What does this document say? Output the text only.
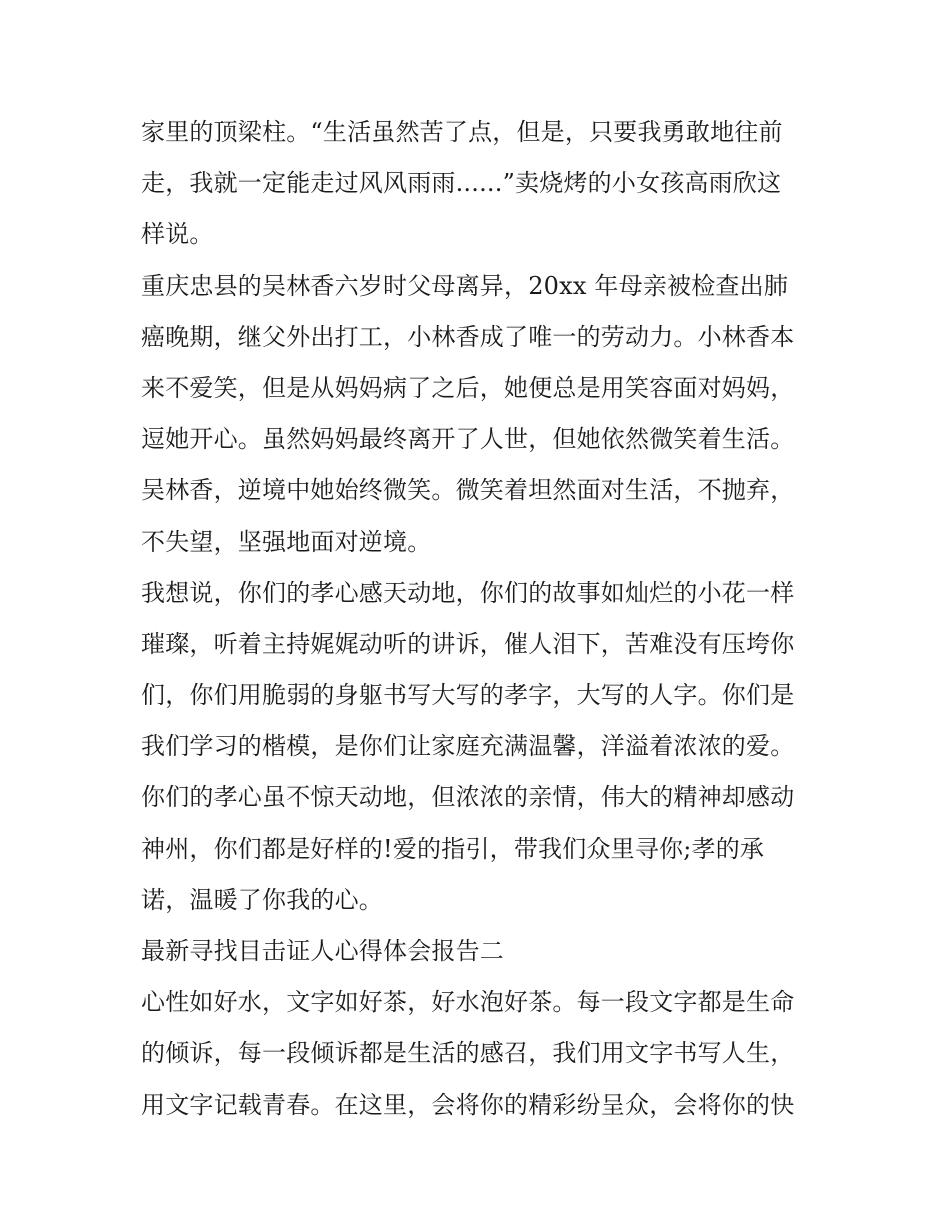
家里的顶梁柱。“生活虽然苦了点，但是，只要我勇敢地往前
走，我就一定能走过风风雨雨......”卖烧烤的小女孩高雨欣这
样说。
重庆忠县的吴林香六岁时父母离异，20xx 年母亲被检查出肺
癌晚期，继父外出打工，小林香成了唯一的劳动力。小林香本
来不爱笑，但是从妈妈病了之后，她便总是用笑容面对妈妈，
逗她开心。虽然妈妈最终离开了人世，但她依然微笑着生活。
吴林香，逆境中她始终微笑。微笑着坦然面对生活，不抛弃，
不失望，坚强地面对逆境。
我想说，你们的孝心感天动地，你们的故事如灿烂的小花一样
璀璨，听着主持娓娓动听的讲诉，催人泪下，苦难没有压垮你
们，你们用脆弱的身躯书写大写的孝字，大写的人字。你们是
我们学习的楷模，是你们让家庭充满温馨，洋溢着浓浓的爱。
你们的孝心虽不惊天动地，但浓浓的亲情，伟大的精神却感动
神州，你们都是好样的!爱的指引，带我们众里寻你;孝的承
诺，温暖了你我的心。
最新寻找目击证人心得体会报告二
心性如好水，文字如好茶，好水泡好茶。每一段文字都是生命
的倾诉，每一段倾诉都是生活的感召，我们用文字书写人生，
用文字记载青春。在这里，会将你的精彩纷呈众，会将你的快
